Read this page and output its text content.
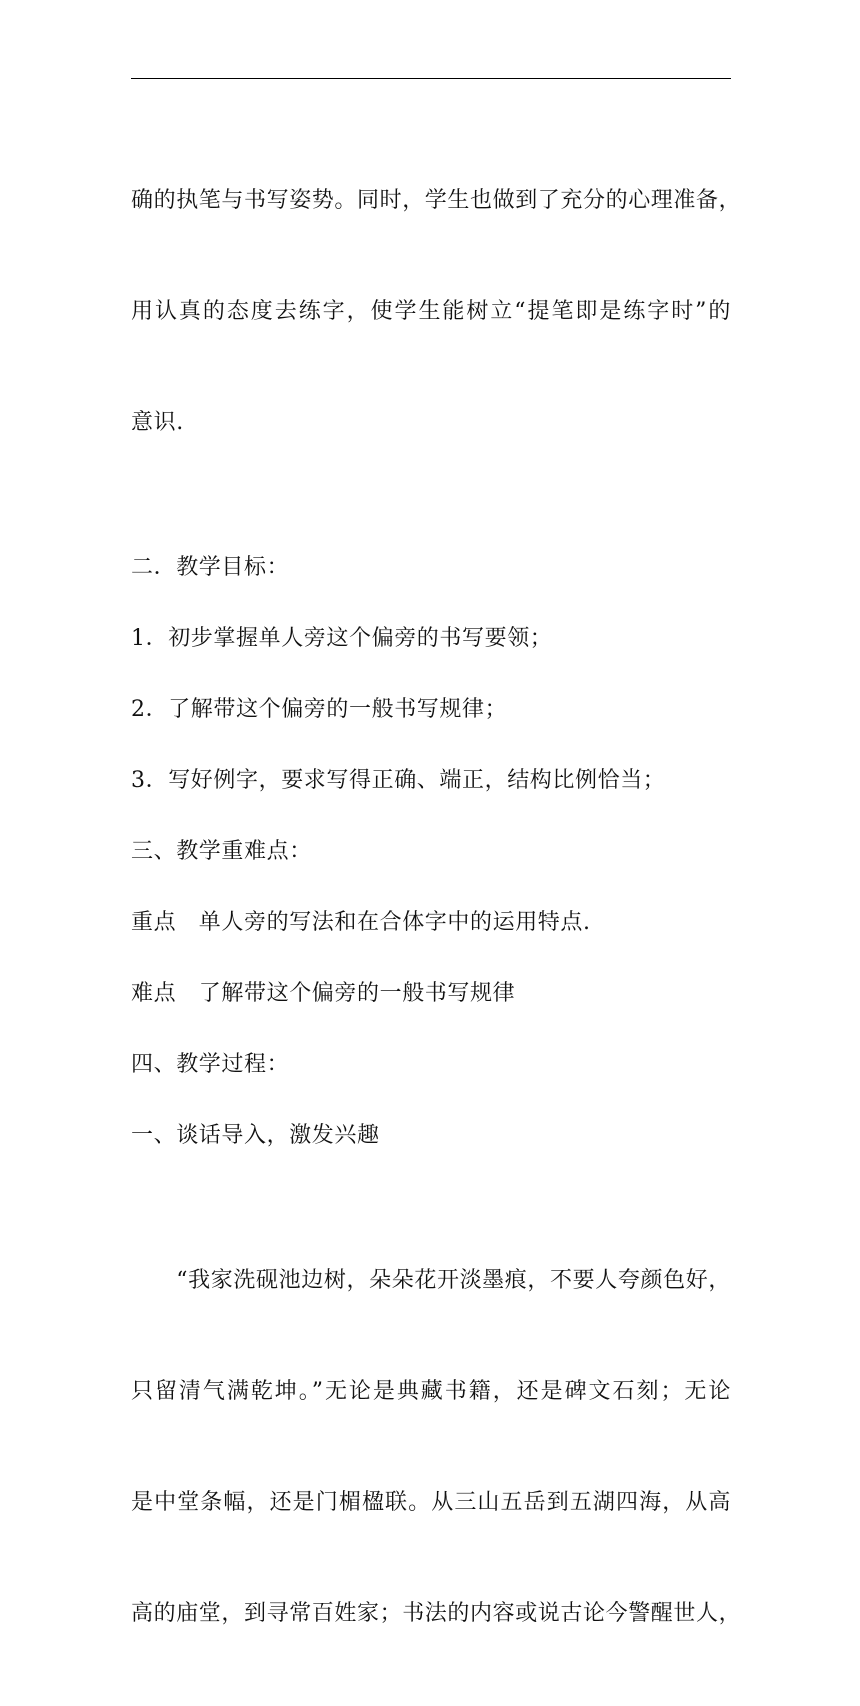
确的执笔与书写姿势。同时，学生也做到了充分的心理准备，

用认真的态度去练字，使学生能树立“提笔即是练字时”的

意识.

二．教学目标：

1．初步掌握单人旁这个偏旁的书写要领；

2．了解带这个偏旁的一般书写规律；

3．写好例字，要求写得正确、端正，结构比例恰当；

三、教学重难点：

重点　单人旁的写法和在合体字中的运用特点.

难点　了解带这个偏旁的一般书写规律

四、教学过程：

一、谈话导入，激发兴趣

　　“我家洗砚池边树，朵朵花开淡墨痕，不要人夸颜色好，

只留清气满乾坤。”无论是典藏书籍，还是碑文石刻；无论

是中堂条幅，还是门楣楹联。从三山五岳到五湖四海，从高

高的庙堂，到寻常百姓家；书法的内容或说古论今警醒世人，
